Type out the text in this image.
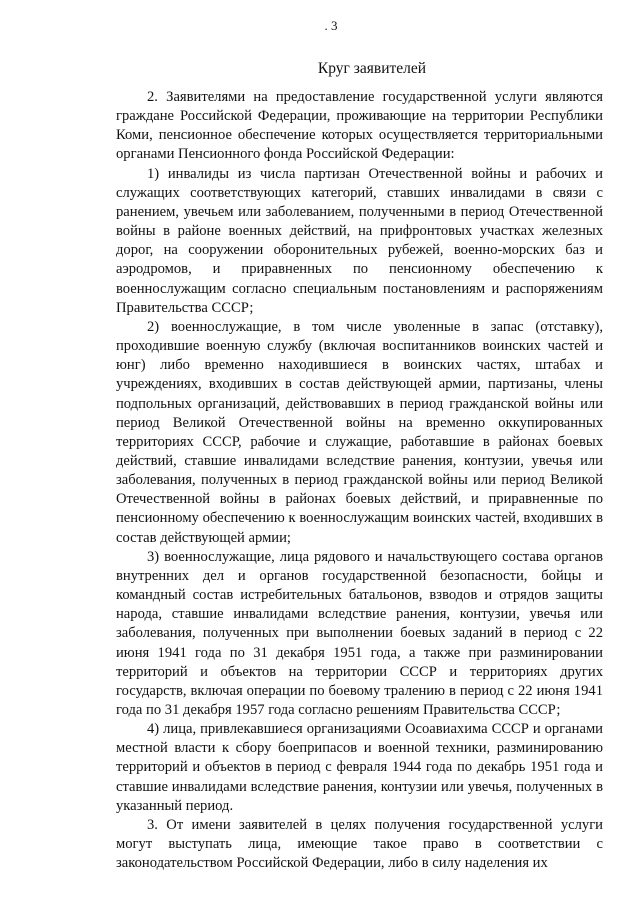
. 3
Круг заявителей

2. Заявителями на предоставление государственной услуги являются граждане Российской Федерации, проживающие на территории Республики Коми, пенсионное обеспечение которых осуществляется территориальными органами Пенсионного фонда Российской Федерации:

1) инвалиды из числа партизан Отечественной войны и рабочих и служащих соответствующих категорий, ставших инвалидами в связи с ранением, увечьем или заболеванием, полученными в период Отечественной войны в районе военных действий, на прифронтовых участках железных дорог, на сооружении оборонительных рубежей, военно-морских баз и аэродромов, и приравненных по пенсионному обеспечению к военнослужащим согласно специальным постановлениям и распоряжениям Правительства СССР;

2) военнослужащие, в том числе уволенные в запас (отставку), проходившие военную службу (включая воспитанников воинских частей и юнг) либо временно находившиеся в воинских частях, штабах и учреждениях, входивших в состав действующей армии, партизаны, члены подпольных организаций, действовавших в период гражданской войны или период Великой Отечественной войны на временно оккупированных территориях СССР, рабочие и служащие, работавшие в районах боевых действий, ставшие инвалидами вследствие ранения, контузии, увечья или заболевания, полученных в период гражданской войны или период Великой Отечественной войны в районах боевых действий, и приравненные по пенсионному обеспечению к военнослужащим воинских частей, входивших в состав действующей армии;

3) военнослужащие, лица рядового и начальствующего состава органов внутренних дел и органов государственной безопасности, бойцы и командный состав истребительных батальонов, взводов и отрядов защиты народа, ставшие инвалидами вследствие ранения, контузии, увечья или заболевания, полученных при выполнении боевых заданий в период с 22 июня 1941 года по 31 декабря 1951 года, а также при разминировании территорий и объектов на территории СССР и территориях других государств, включая операции по боевому тралению в период с 22 июня 1941 года по 31 декабря 1957 года согласно решениям Правительства СССР;

4) лица, привлекавшиеся организациями Осоавиахима СССР и органами местной власти к сбору боеприпасов и военной техники, разминированию территорий и объектов в период с февраля 1944 года по декабрь 1951 года и ставшие инвалидами вследствие ранения, контузии или увечья, полученных в указанный период.

3. От имени заявителей в целях получения государственной услуги могут выступать лица, имеющие такое право в соответствии с законодательством Российской Федерации, либо в силу наделения их
